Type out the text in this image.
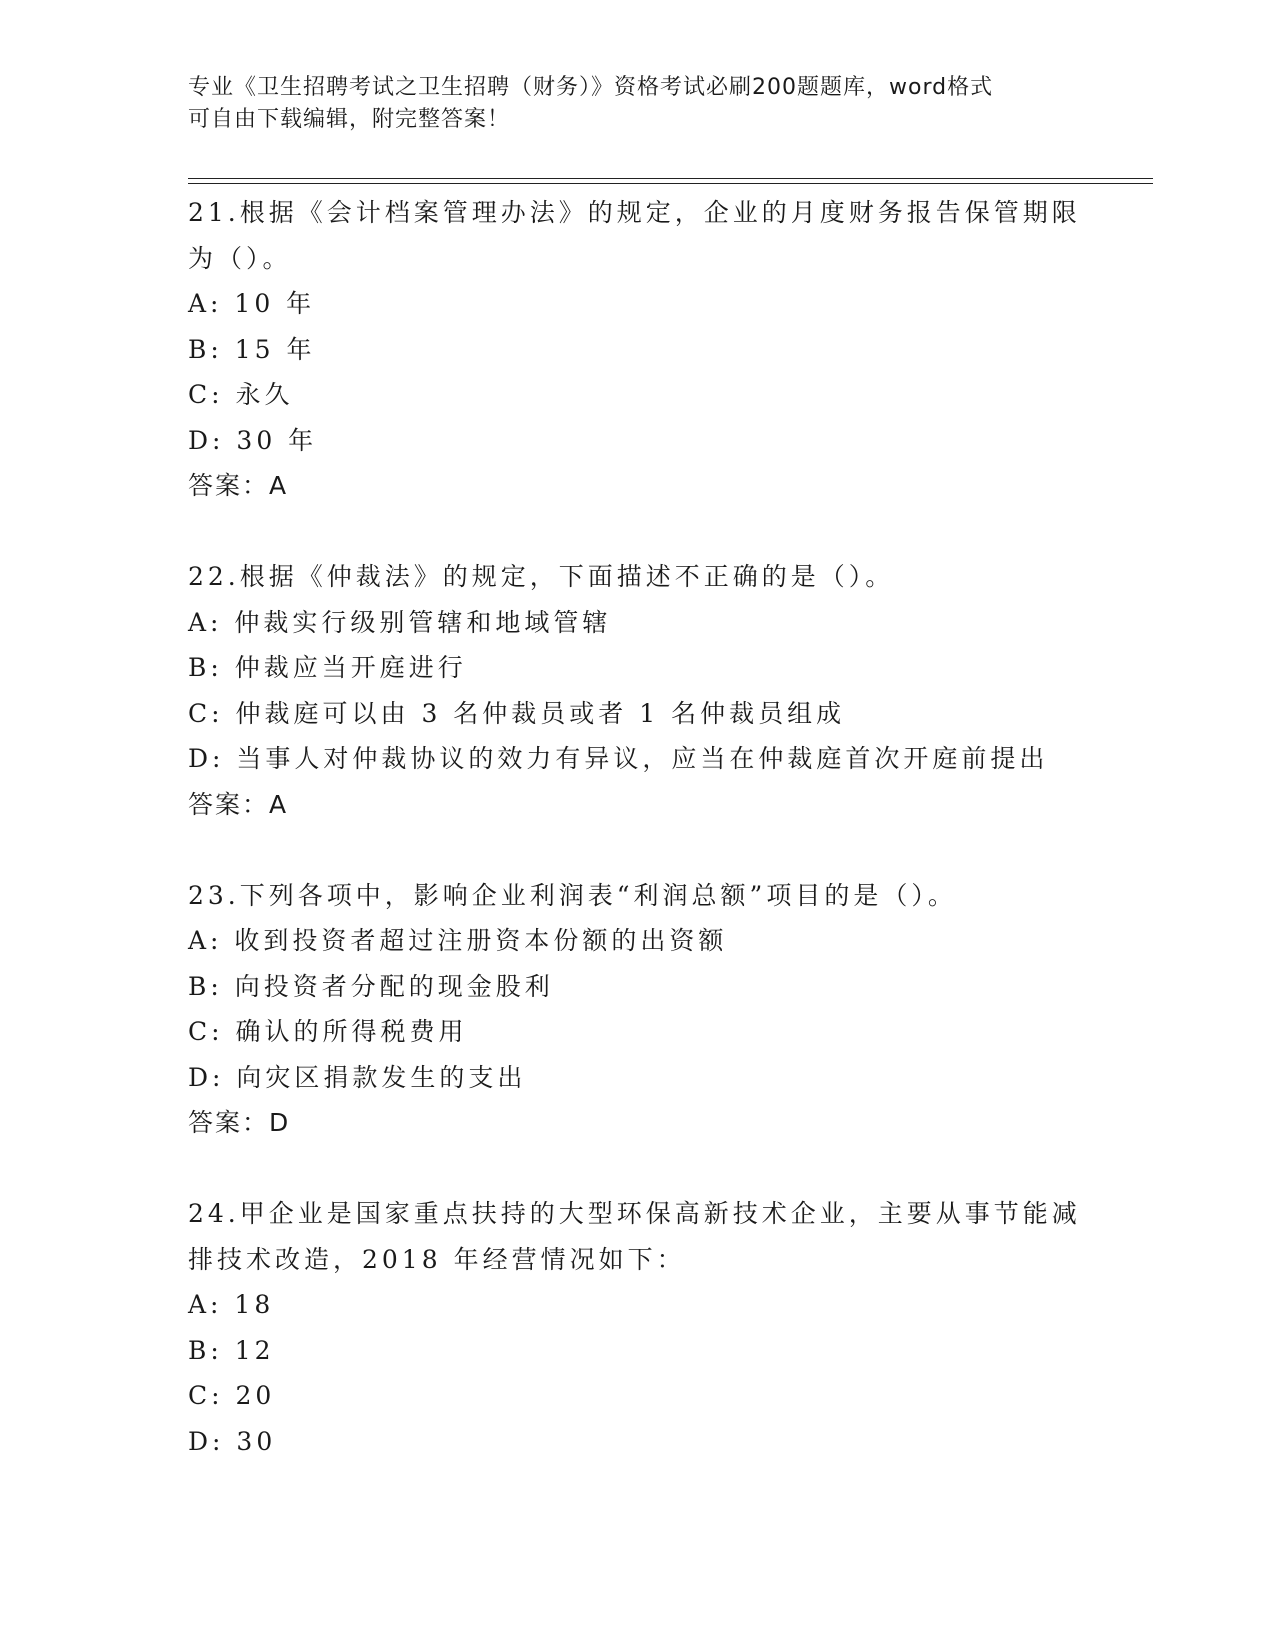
专业《卫生招聘考试之卫生招聘（财务）》资格考试必刷200题题库，word格式
可自由下载编辑，附完整答案！
21.根据《会计档案管理办法》的规定，企业的月度财务报告保管期限
为（）。
A: 10 年
B: 15 年
C: 永久
D: 30 年
答案：A
22.根据《仲裁法》的规定，下面描述不正确的是（）。
A: 仲裁实行级别管辖和地域管辖
B: 仲裁应当开庭进行
C: 仲裁庭可以由 3 名仲裁员或者 1 名仲裁员组成
D: 当事人对仲裁协议的效力有异议，应当在仲裁庭首次开庭前提出
答案：A
23.下列各项中，影响企业利润表“利润总额”项目的是（）。
A: 收到投资者超过注册资本份额的出资额
B: 向投资者分配的现金股利
C: 确认的所得税费用
D: 向灾区捐款发生的支出
答案：D
24.甲企业是国家重点扶持的大型环保高新技术企业，主要从事节能减
排技术改造，2018 年经营情况如下：
A: 18
B: 12
C: 20
D: 30
